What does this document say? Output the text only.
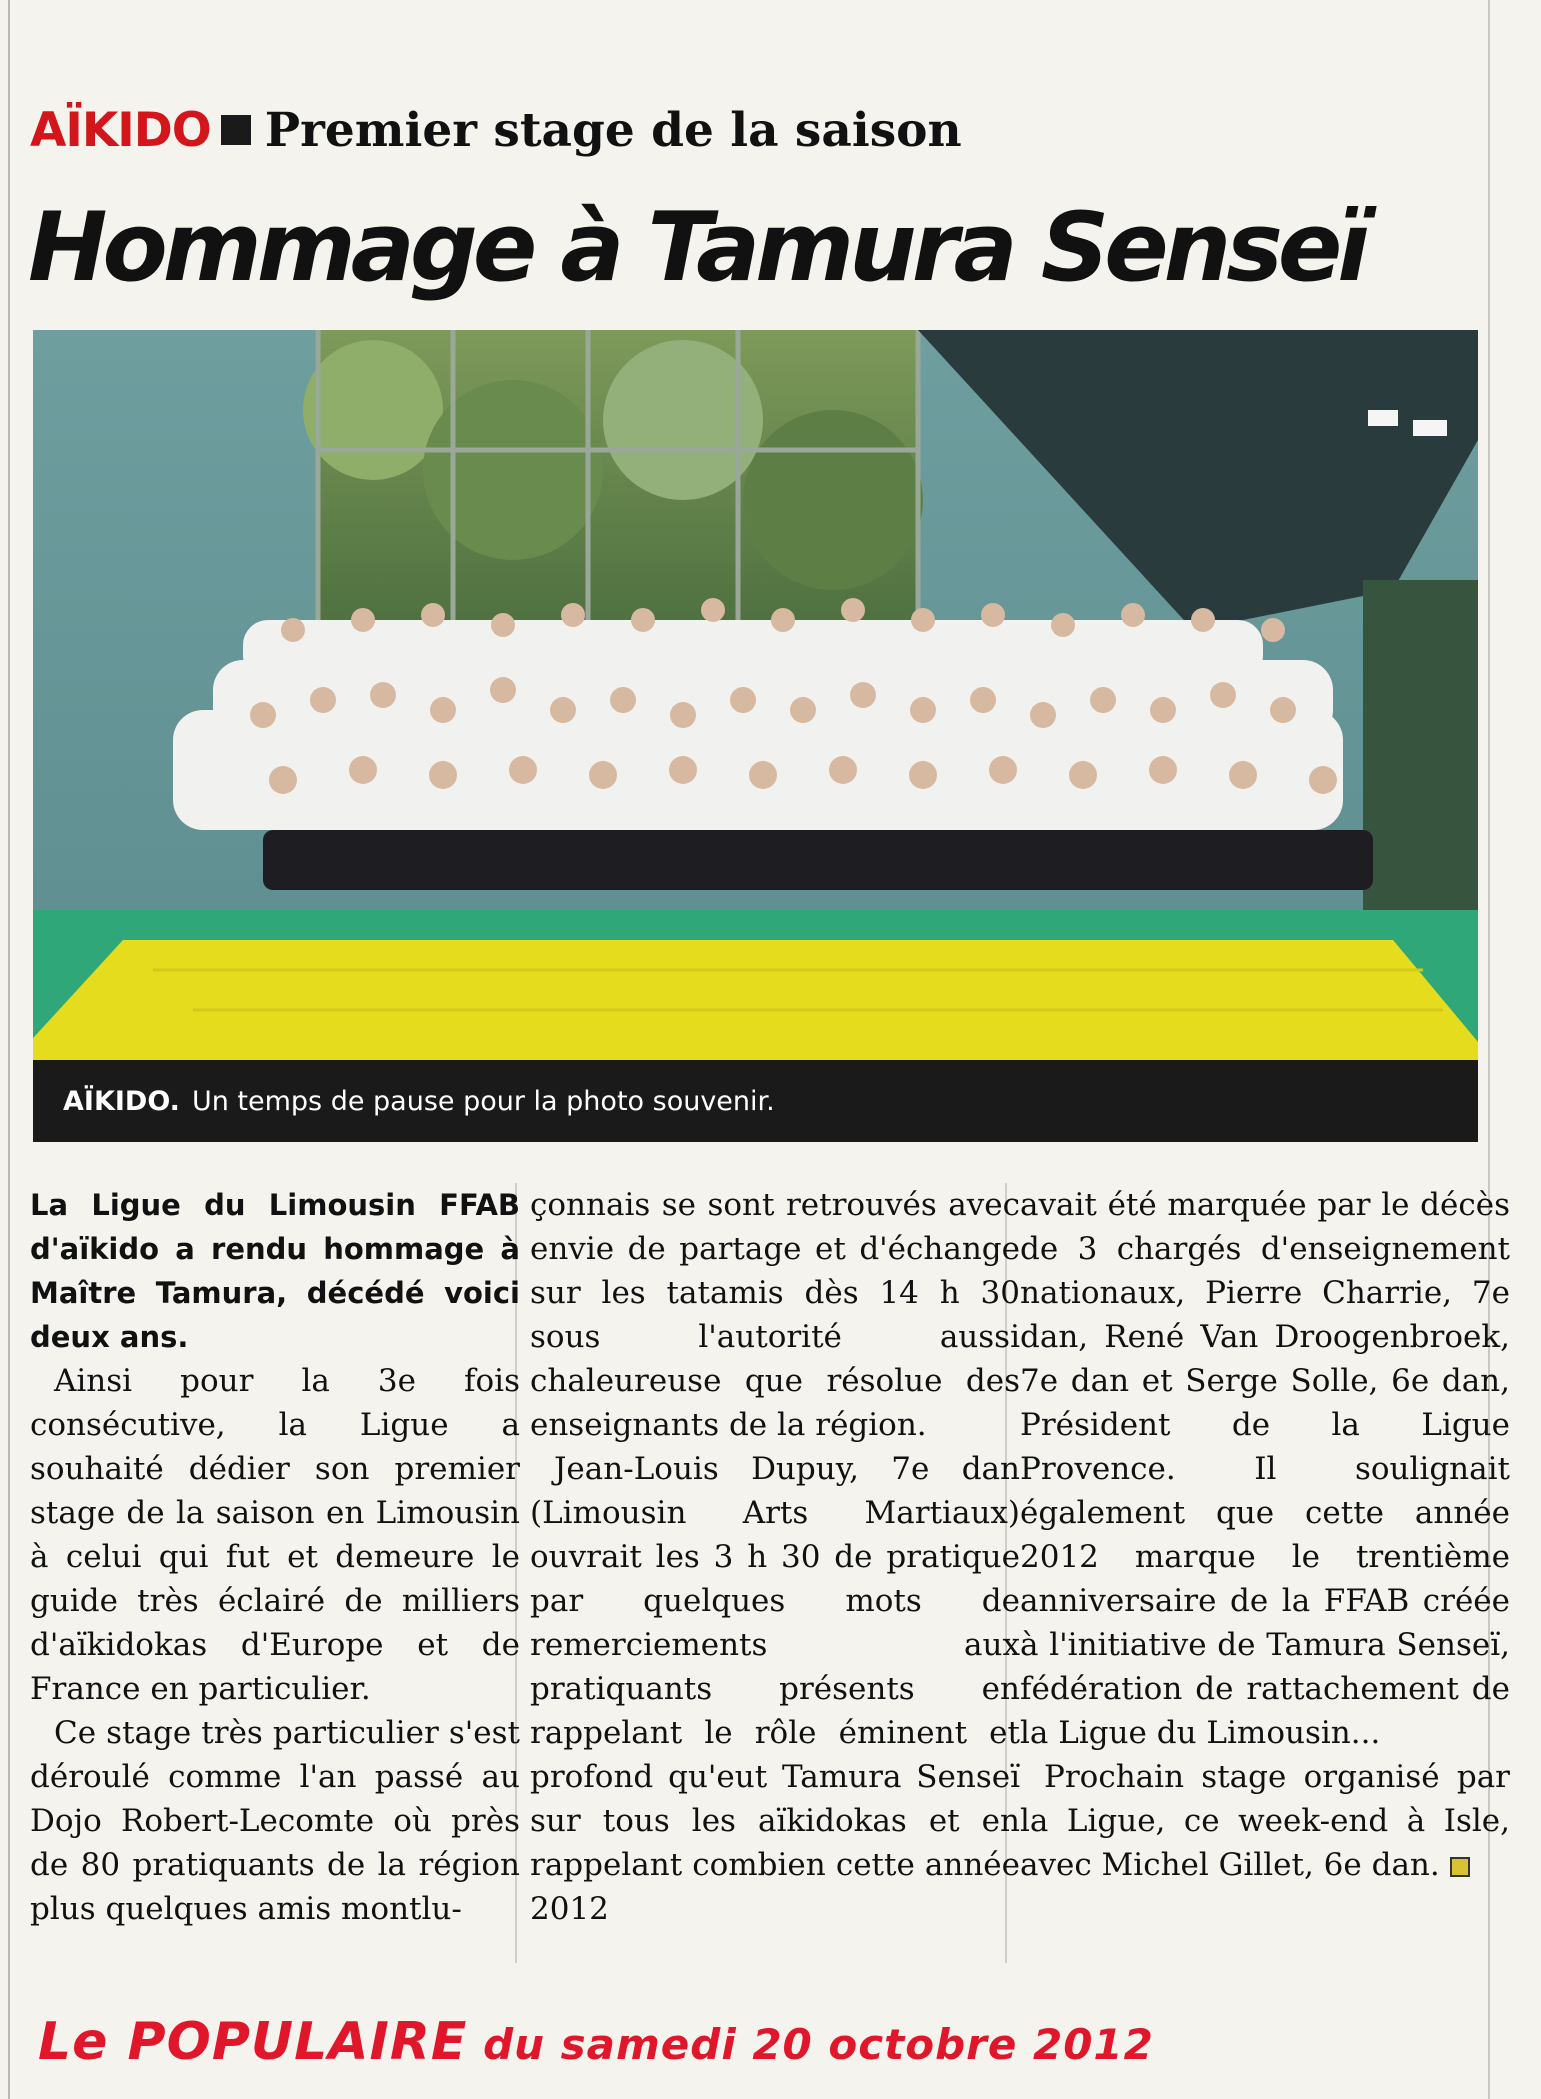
AÏKIDO Premier stage de la saison
Hommage à Tamura Senseï
AÏKIDO. Un temps de pause pour la photo souvenir.

La Ligue du Limousin FFAB d'aïkido a rendu hommage à Maître Tamura, décédé voici deux ans.

Ainsi pour la 3e fois consécutive, la Ligue a souhaité dédier son premier stage de la saison en Limousin à celui qui fut et demeure le guide très éclairé de milliers d'aïkidokas d'Europe et de France en particulier.

Ce stage très particulier s'est déroulé comme l'an passé au Dojo Robert-Lecomte où près de 80 pratiquants de la région plus quelques amis montlu-

çonnais se sont retrouvés avec envie de partage et d'échange sur les tatamis dès 14 h 30 sous l'autorité aussi chaleureuse que résolue des enseignants de la région.

Jean-Louis Dupuy, 7e dan (Limousin Arts Martiaux) ouvrait les 3 h 30 de pratique par quelques mots de remerciements aux pratiquants présents en rappelant le rôle éminent et profond qu'eut Tamura Senseï sur tous les aïkidokas et en rappelant combien cette année 2012

avait été marquée par le décès de 3 chargés d'enseignement nationaux, Pierre Charrie, 7e dan, René Van Droogenbroek, 7e dan et Serge Solle, 6e dan, Président de la Ligue Provence. Il soulignait également que cette année 2012 marque le trentième anniversaire de la FFAB créée à l'initiative de Tamura Senseï, fédération de rattachement de la Ligue du Limousin...

Prochain stage organisé par la Ligue, ce week-end à Isle, avec Michel Gillet, 6e dan.

Le POPULAIRE du samedi 20 octobre 2012
